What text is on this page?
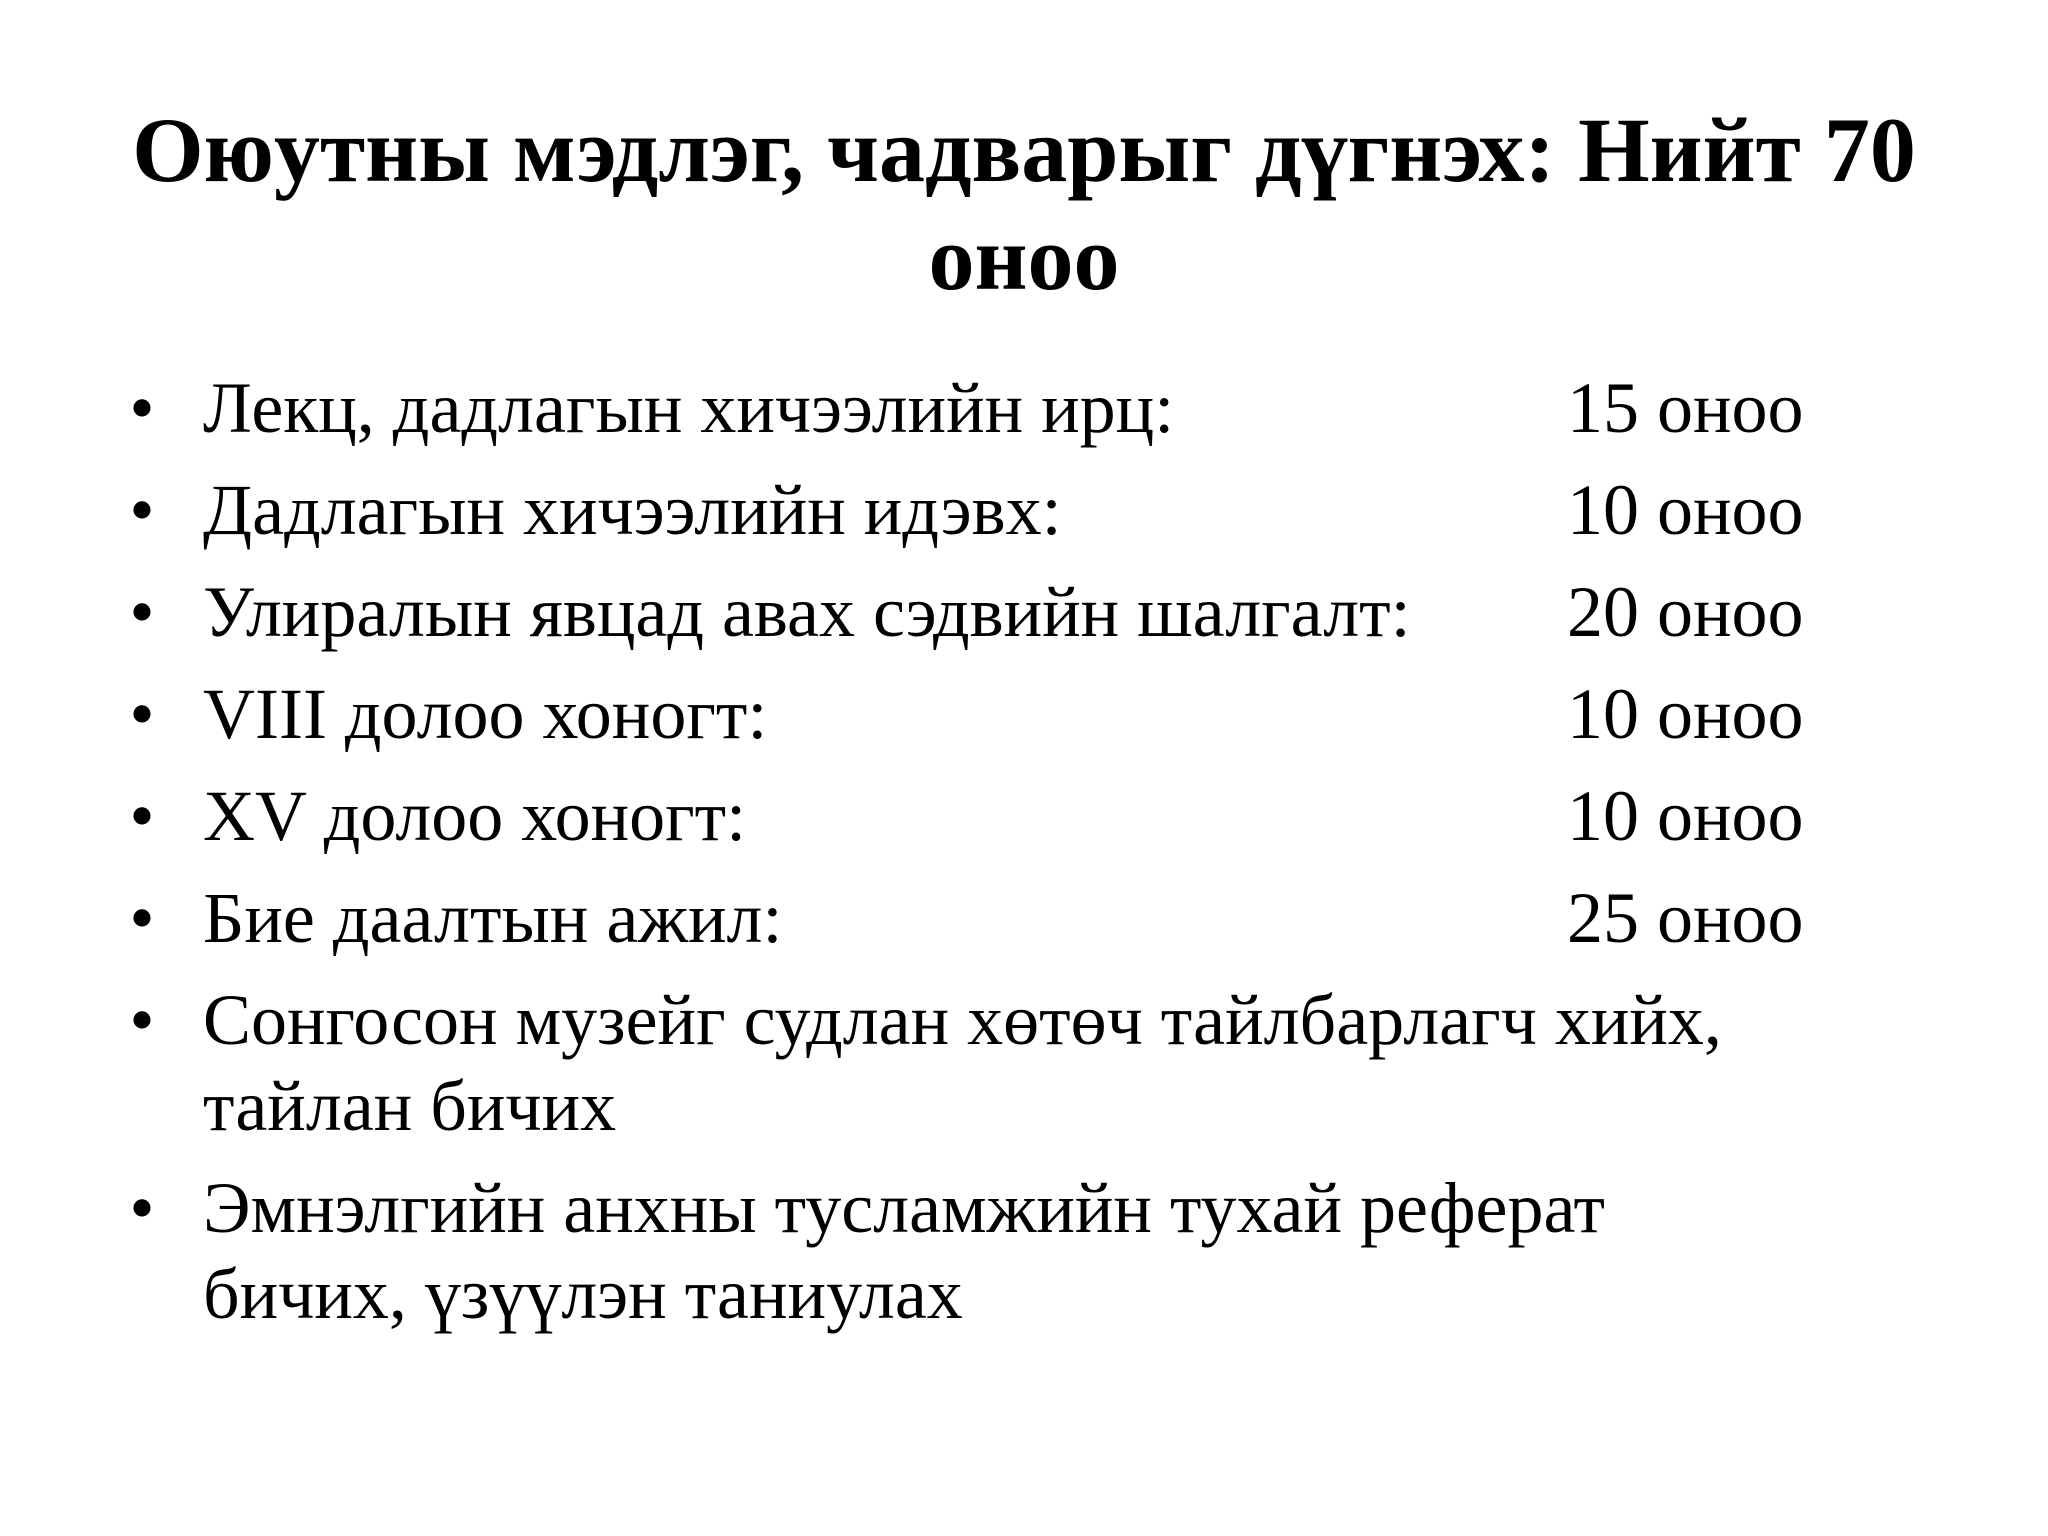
Оюутны мэдлэг, чадварыг дүгнэх: Нийт 70
оноо
• Лекц, дадлагын хичээлийн ирц:	15 оноо
• Дадлагын хичээлийн идэвх:	10 оноо
• Улиралын явцад авах сэдвийн шалгалт:	20 оноо
• VIII долоо хоногт:	10 оноо
• XV долоо хоногт:	10 оноо
• Бие даалтын ажил:	25 оноо
• Сонгосон музейг судлан хөтөч тайлбарлагч хийх,
тайлан бичих
• Эмнэлгийн анхны тусламжийн тухай реферат
бичих, үзүүлэн таниулах
